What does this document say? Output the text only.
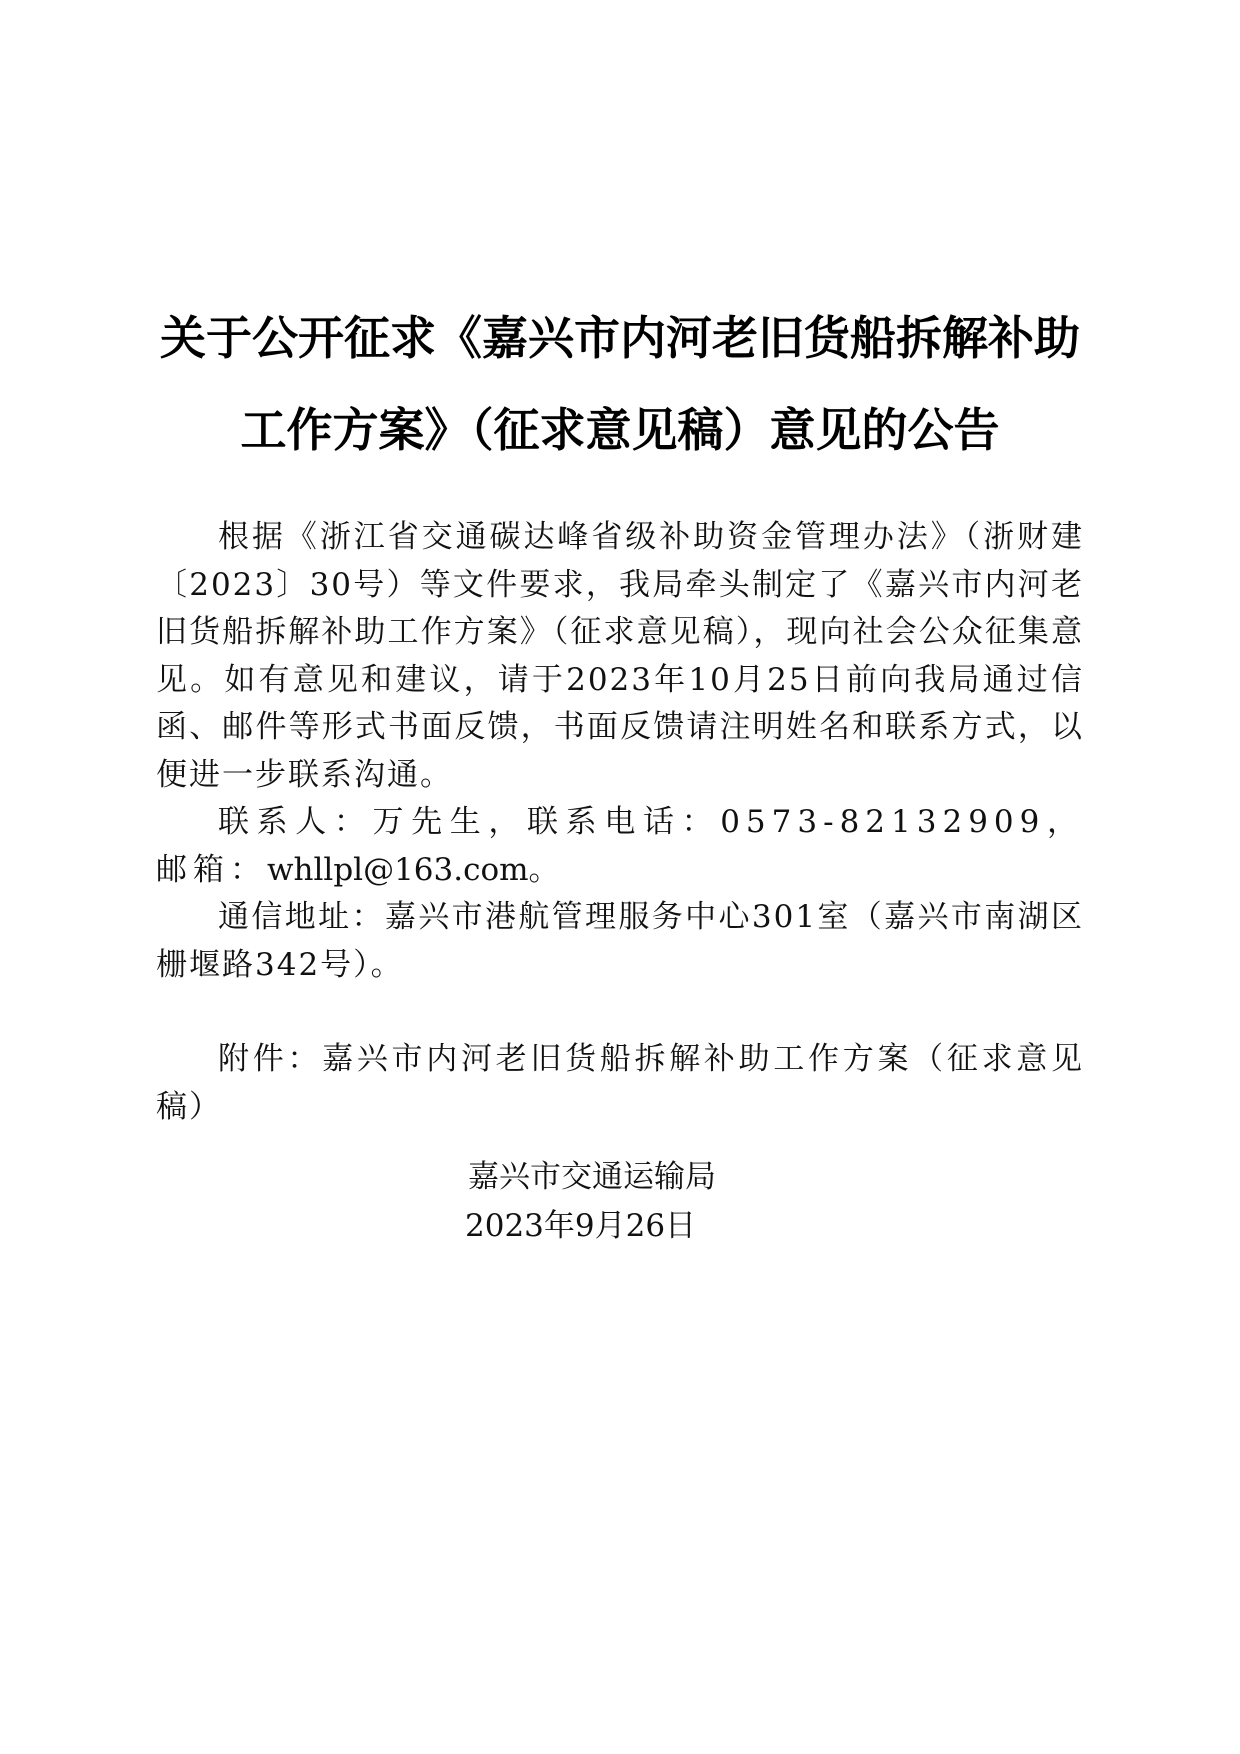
关于公开征求《嘉兴市内河老旧货船拆解补助
工作方案》（征求意见稿）意见的公告

根据《浙江省交通碳达峰省级补助资金管理办法》（浙财建〔2023〕30号）等文件要求，我局牵头制定了《嘉兴市内河老旧货船拆解补助工作方案》（征求意见稿），现向社会公众征集意见。如有意见和建议，请于2023年10月25日前向我局通过信函、邮件等形式书面反馈，书面反馈请注明姓名和联系方式，以便进一步联系沟通。

联系人：万先生，联系电话：0573-82132909，邮箱：whllpl@163.com。

通信地址：嘉兴市港航管理服务中心301室（嘉兴市南湖区栅堰路342号）。

附件：嘉兴市内河老旧货船拆解补助工作方案（征求意见稿）

嘉兴市交通运输局
2023年9月26日
